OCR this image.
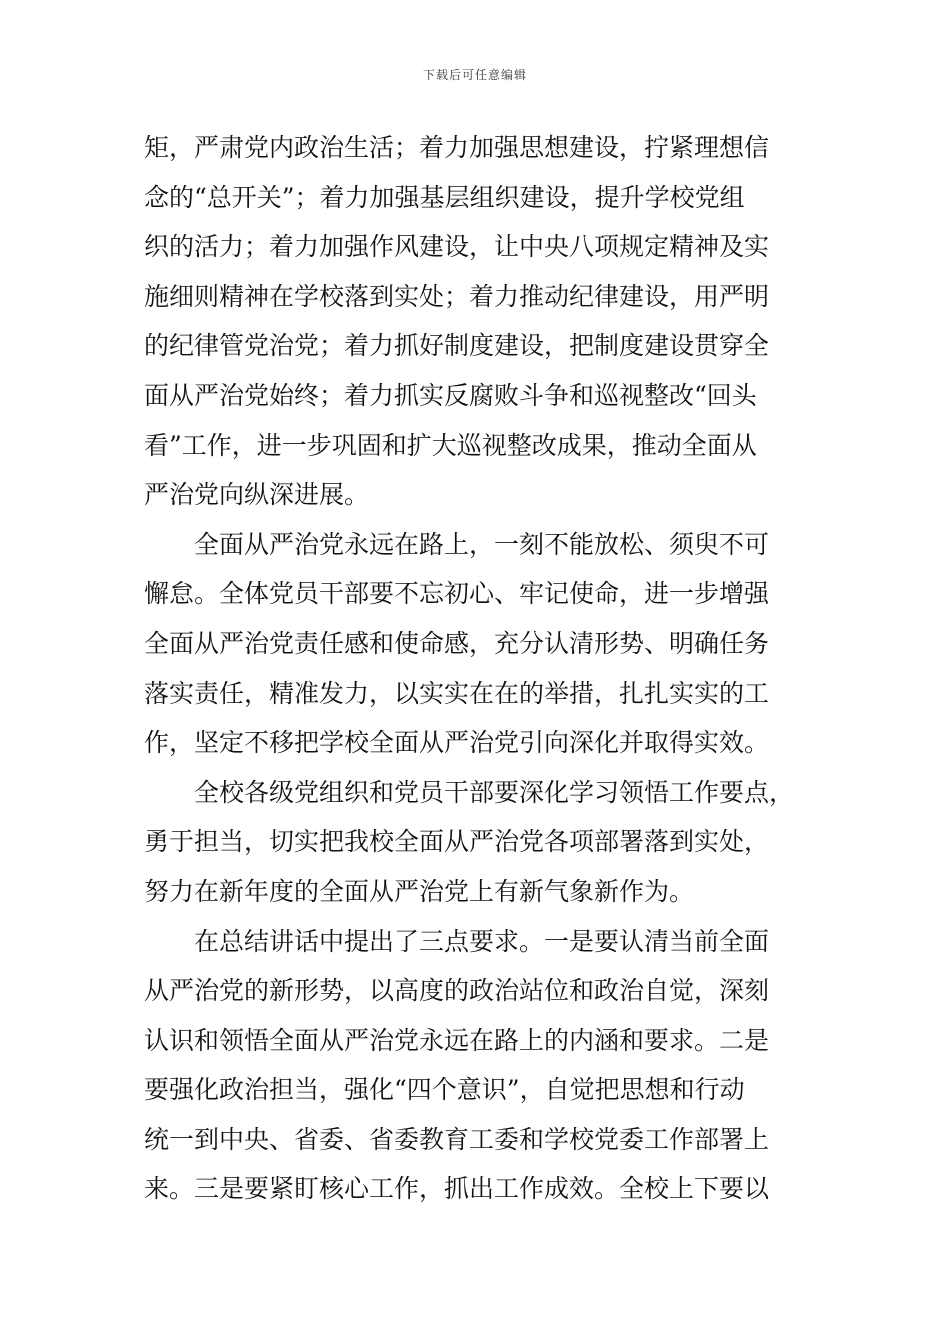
下载后可任意编辑
矩，严肃党内政治生活；着力加强思想建设，拧紧理想信
念的“总开关”；着力加强基层组织建设，提升学校党组
织的活力；着力加强作风建设，让中央八项规定精神及实
施细则精神在学校落到实处；着力推动纪律建设，用严明
的纪律管党治党；着力抓好制度建设，把制度建设贯穿全
面从严治党始终；着力抓实反腐败斗争和巡视整改“回头
看”工作，进一步巩固和扩大巡视整改成果，推动全面从
严治党向纵深进展。
全面从严治党永远在路上，一刻不能放松、须臾不可
懈怠。全体党员干部要不忘初心、牢记使命，进一步增强
全面从严治党责任感和使命感，充分认清形势、明确任务
落实责任，精准发力，以实实在在的举措，扎扎实实的工
作，坚定不移把学校全面从严治党引向深化并取得实效。
全校各级党组织和党员干部要深化学习领悟工作要点，
勇于担当，切实把我校全面从严治党各项部署落到实处，
努力在新年度的全面从严治党上有新气象新作为。
在总结讲话中提出了三点要求。一是要认清当前全面
从严治党的新形势，以高度的政治站位和政治自觉，深刻
认识和领悟全面从严治党永远在路上的内涵和要求。二是
要强化政治担当，强化“四个意识”，自觉把思想和行动
统一到中央、省委、省委教育工委和学校党委工作部署上
来。三是要紧盯核心工作，抓出工作成效。全校上下要以
